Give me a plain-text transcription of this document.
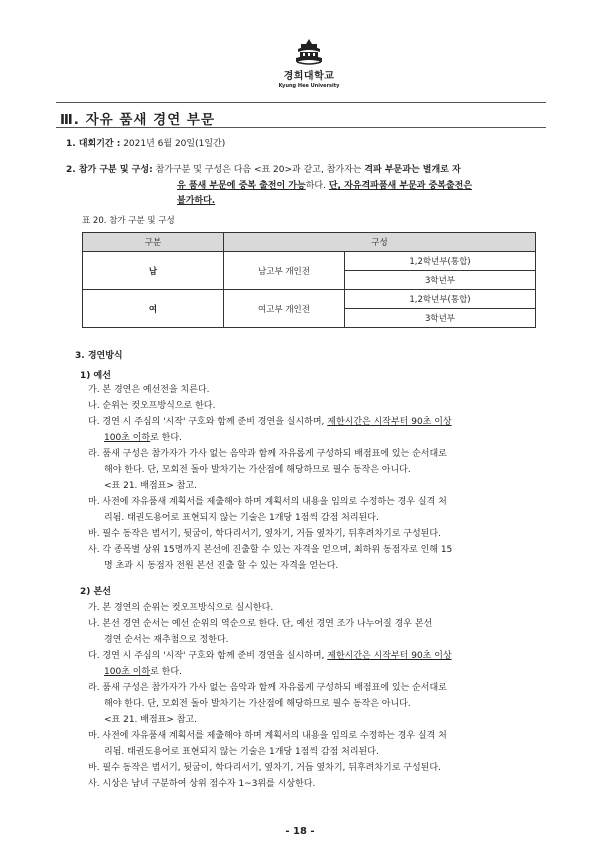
경희대학교
Kyung Hee University
Ⅲ. 자유 품새 경연 부문
1. 대회기간 : 2021년 6월 20일(1일간)
2. 참가 구분 및 구성: 참가구분 및 구성은 다음 <표 20>과 같고, 참가자는 격파 부문과는 별개로 자
유 품새 부문에 중복 출전이 가능하다. 단, 자유격파품새 부문과 중복출전은
불가하다.
표 20. 참가 구분 및 구성
구분	구성	
남	남고부 개인전	1,2학년부(통합)
		3학년부
여	여고부 개인전	1,2학년부(통합)
		3학년부
3. 경연방식
1) 예선
가. 본 경연은 예선전을 치른다.
나. 순위는 컷오프방식으로 한다.
다. 경연 시 주심의 '시작' 구호와 함께 준비 경연을 실시하며, 제한시간은 시작부터 90초 이상
100초 이하로 한다.
라. 품새 구성은 참가자가 가사 없는 음악과 함께 자유롭게 구성하되 배점표에 있는 순서대로
해야 한다. 단, 모회전 돌아 발차기는 가산점에 해당하므로 필수 동작은 아니다.
<표 21. 배점표> 참고.
마. 사전에 자유품새 계획서를 제출해야 하며 계획서의 내용을 임의로 수정하는 경우 실격 처
리됨. 태권도용어로 표현되지 않는 기술은 1개당 1점씩 감점 처리된다.
바. 필수 동작은 범서기, 뒷굽이, 학다리서기, 옆차기, 거듭 옆차기, 뒤후려차기로 구성된다.
사. 각 종목별 상위 15명까지 본선에 진출할 수 있는 자격을 얻으며, 최하위 동점자로 인해 15
명 초과 시 동점자 전원 본선 진출 할 수 있는 자격을 얻는다.
2) 본선
가. 본 경연의 순위는 컷오프방식으로 실시한다.
나. 본선 경연 순서는 예선 순위의 역순으로 한다. 단, 예선 경연 조가 나누어질 경우 본선
경연 순서는 재추첨으로 정한다.
다. 경연 시 주심의 '시작' 구호와 함께 준비 경연을 실시하며, 제한시간은 시작부터 90초 이상
100초 이하로 한다.
라. 품새 구성은 참가자가 가사 없는 음악과 함께 자유롭게 구성하되 배점표에 있는 순서대로
해야 한다. 단, 모회전 돌아 발차기는 가산점에 해당하므로 필수 동작은 아니다.
<표 21. 배점표> 참고.
마. 사전에 자유품새 계획서를 제출해야 하며 계획서의 내용을 임의로 수정하는 경우 실격 처
리됨. 태권도용어로 표현되지 않는 기술은 1개당 1점씩 감점 처리된다.
바. 필수 동작은 범서기, 뒷굽이, 학다리서기, 옆차기, 거듭 옆차기, 뒤후려차기로 구성된다.
사. 시상은 남녀 구분하여 상위 점수자 1~3위를 시상한다.
- 18 -
